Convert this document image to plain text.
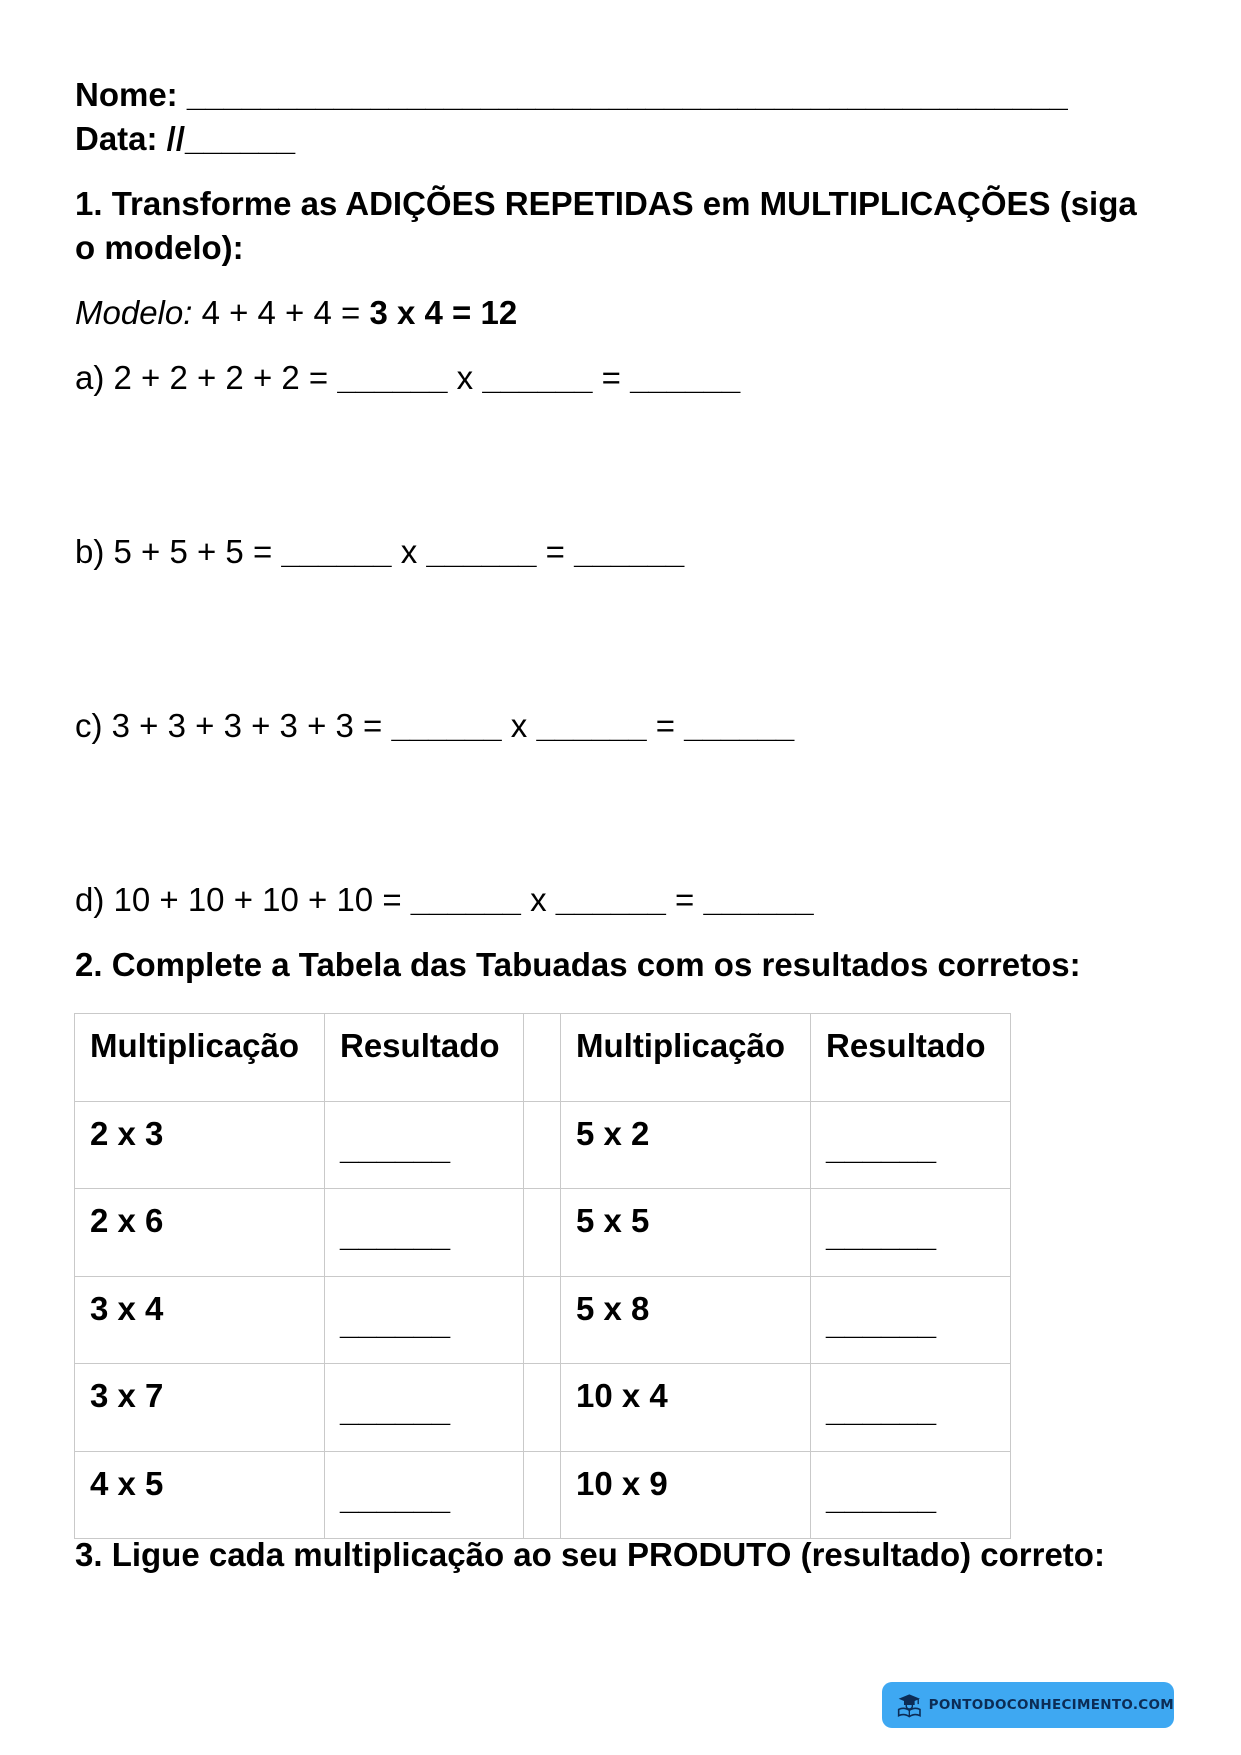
Nome: ________________________________________________
Data: //______
1. Transforme as ADIÇÕES REPETIDAS em MULTIPLICAÇÕES (siga
o modelo):
Modelo: 4 + 4 + 4 = 3 x 4 = 12
a) 2 + 2 + 2 + 2 = ______ x ______ = ______
b) 5 + 5 + 5 = ______ x ______ = ______
c) 3 + 3 + 3 + 3 + 3 = ______ x ______ = ______
d) 10 + 10 + 10 + 10 = ______ x ______ = ______
2. Complete a Tabela das Tabuadas com os resultados corretos:
Multiplicação	Resultado		Multiplicação	Resultado
2 x 3	______		5 x 2	______
2 x 6	______		5 x 5	______
3 x 4	______		5 x 8	______
3 x 7	______		10 x 4	______
4 x 5	______		10 x 9	______
3. Ligue cada multiplicação ao seu PRODUTO (resultado) correto:
PONTODOCONHECIMENTO.COM
